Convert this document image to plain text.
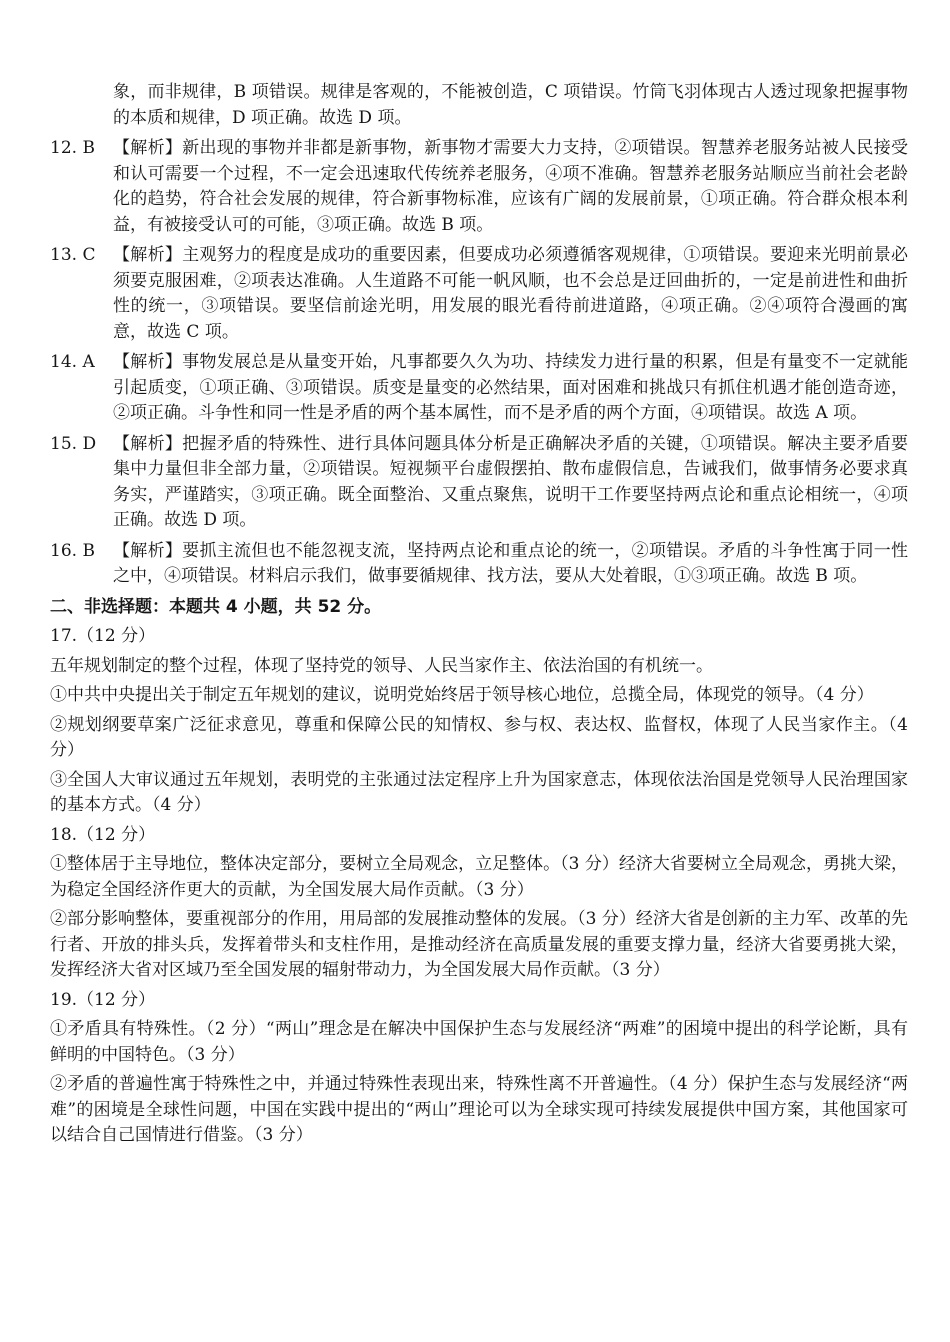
象，而非规律，B 项错误。规律是客观的，不能被创造，C 项错误。竹筒飞羽体现古人透过现象把握事物的本质和规律，D 项正确。故选 D 项。
12. B	【解析】新出现的事物并非都是新事物，新事物才需要大力支持，②项错误。智慧养老服务站被人民接受和认可需要一个过程，不一定会迅速取代传统养老服务，④项不准确。智慧养老服务站顺应当前社会老龄化的趋势，符合社会发展的规律，符合新事物标准，应该有广阔的发展前景，①项正确。符合群众根本利益，有被接受认可的可能，③项正确。故选 B 项。
13. C	【解析】主观努力的程度是成功的重要因素，但要成功必须遵循客观规律，①项错误。要迎来光明前景必须要克服困难，②项表达准确。人生道路不可能一帆风顺，也不会总是迂回曲折的，一定是前进性和曲折性的统一，③项错误。要坚信前途光明，用发展的眼光看待前进道路，④项正确。②④项符合漫画的寓意，故选 C 项。
14. A	【解析】事物发展总是从量变开始，凡事都要久久为功、持续发力进行量的积累，但是有量变不一定就能引起质变，①项正确、③项错误。质变是量变的必然结果，面对困难和挑战只有抓住机遇才能创造奇迹，②项正确。斗争性和同一性是矛盾的两个基本属性，而不是矛盾的两个方面，④项错误。故选 A 项。
15. D 【解析】把握矛盾的特殊性、进行具体问题具体分析是正确解决矛盾的关键，①项错误。解决主要矛盾要集中力量但非全部力量，②项错误。短视频平台虚假摆拍、散布虚假信息，告诫我们，做事情务必要求真务实，严谨踏实，③项正确。既全面整治、又重点聚焦，说明干工作要坚持两点论和重点论相统一，④项正确。故选 D 项。
16. B	【解析】要抓主流但也不能忽视支流，坚持两点论和重点论的统一，②项错误。矛盾的斗争性寓于同一性之中，④项错误。材料启示我们，做事要循规律、找方法，要从大处着眼，①③项正确。故选 B 项。
二、非选择题：本题共 4 小题，共 52 分。
17.（12 分）
五年规划制定的整个过程，体现了坚持党的领导、人民当家作主、依法治国的有机统一。
①中共中央提出关于制定五年规划的建议，说明党始终居于领导核心地位，总揽全局，体现党的领导。（4 分）
②规划纲要草案广泛征求意见，尊重和保障公民的知情权、参与权、表达权、监督权，体现了人民当家作主。（4 分）
③全国人大审议通过五年规划，表明党的主张通过法定程序上升为国家意志，体现依法治国是党领导人民治理国家的基本方式。（4 分）
18.（12 分）
①整体居于主导地位，整体决定部分，要树立全局观念，立足整体。（3 分）经济大省要树立全局观念，勇挑大梁，为稳定全国经济作更大的贡献，为全国发展大局作贡献。（3 分）
②部分影响整体，要重视部分的作用，用局部的发展推动整体的发展。（3 分）经济大省是创新的主力军、改革的先行者、开放的排头兵，发挥着带头和支柱作用，是推动经济在高质量发展的重要支撑力量，经济大省要勇挑大梁，发挥经济大省对区域乃至全国发展的辐射带动力，为全国发展大局作贡献。（3 分）
19.（12 分）
①矛盾具有特殊性。（2 分）“两山”理念是在解决中国保护生态与发展经济“两难”的困境中提出的科学论断，具有鲜明的中国特色。（3 分）
②矛盾的普遍性寓于特殊性之中，并通过特殊性表现出来，特殊性离不开普遍性。（4 分）保护生态与发展经济“两难”的困境是全球性问题，中国在实践中提出的“两山”理论可以为全球实现可持续发展提供中国方案，其他国家可以结合自己国情进行借鉴。（3 分）
